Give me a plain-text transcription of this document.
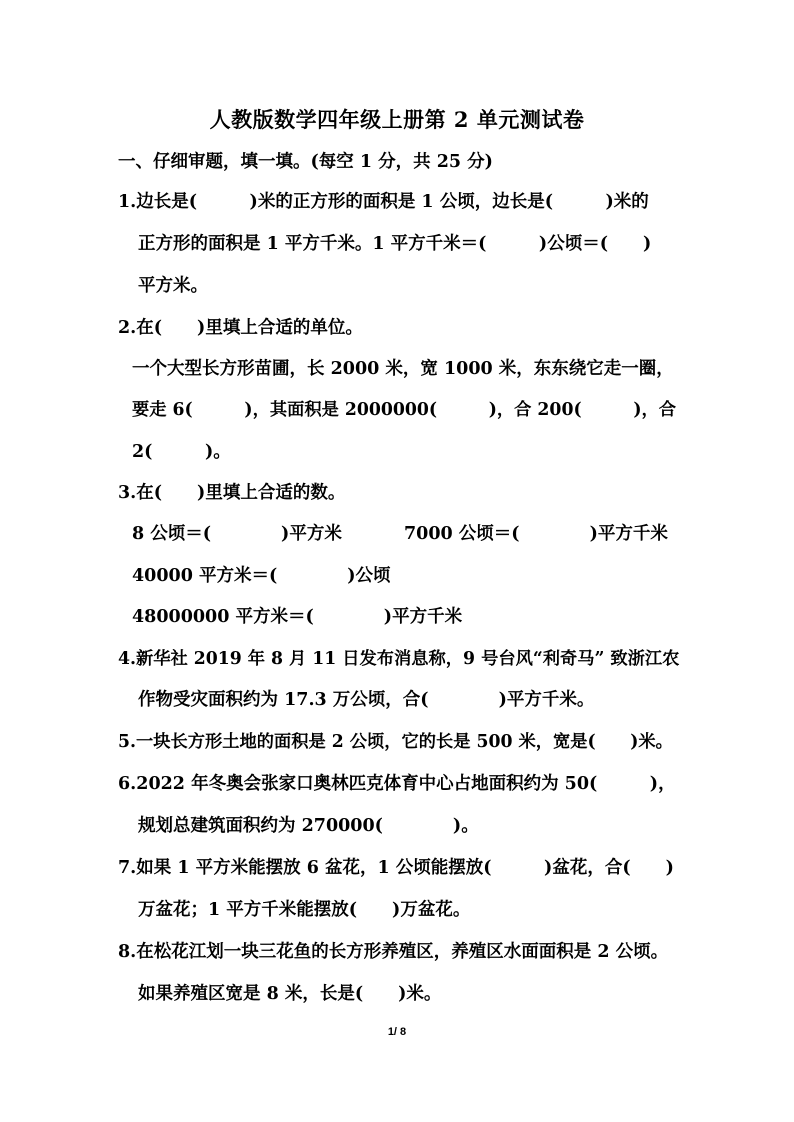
人教版数学四年级上册第 2 单元测试卷
一、仔细审题，填一填。(每空 1 分，共 25 分)
1.边长是(　　　)米的正方形的面积是 1 公顷，边长是(　　　)米的
正方形的面积是 1 平方千米。1 平方千米＝(　　　)公顷＝(　　)
平方米。
2.在(　　)里填上合适的单位。
一个大型长方形苗圃，长 2000 米，宽 1000 米，东东绕它走一圈，
要走 6(　　　)，其面积是 2000000(　　　)，合 200(　　　)，合
2(　　　)。
3.在(　　)里填上合适的数。
8 公顷＝(　　　　)平方米	7000 公顷＝(　　　　)平方千米
40000 平方米＝(　　　　)公顷
48000000 平方米＝(　　　　)平方千米
4.新华社 2019 年 8 月 11 日发布消息称，9 号台风“利奇马” 致浙江农
作物受灾面积约为 17.3 万公顷，合(　　　　)平方千米。
5.一块长方形土地的面积是 2 公顷，它的长是 500 米，宽是(　　)米。
6.2022 年冬奥会张家口奥林匹克体育中心占地面积约为 50(　　　)，
规划总建筑面积约为 270000(　　　　)。
7.如果 1 平方米能摆放 6 盆花，1 公顷能摆放(　　　)盆花，合(　　)
万盆花；1 平方千米能摆放(　　)万盆花。
8.在松花江划一块三花鱼的长方形养殖区，养殖区水面面积是 2 公顷。
如果养殖区宽是 8 米，长是(　　)米。
1/ 8
